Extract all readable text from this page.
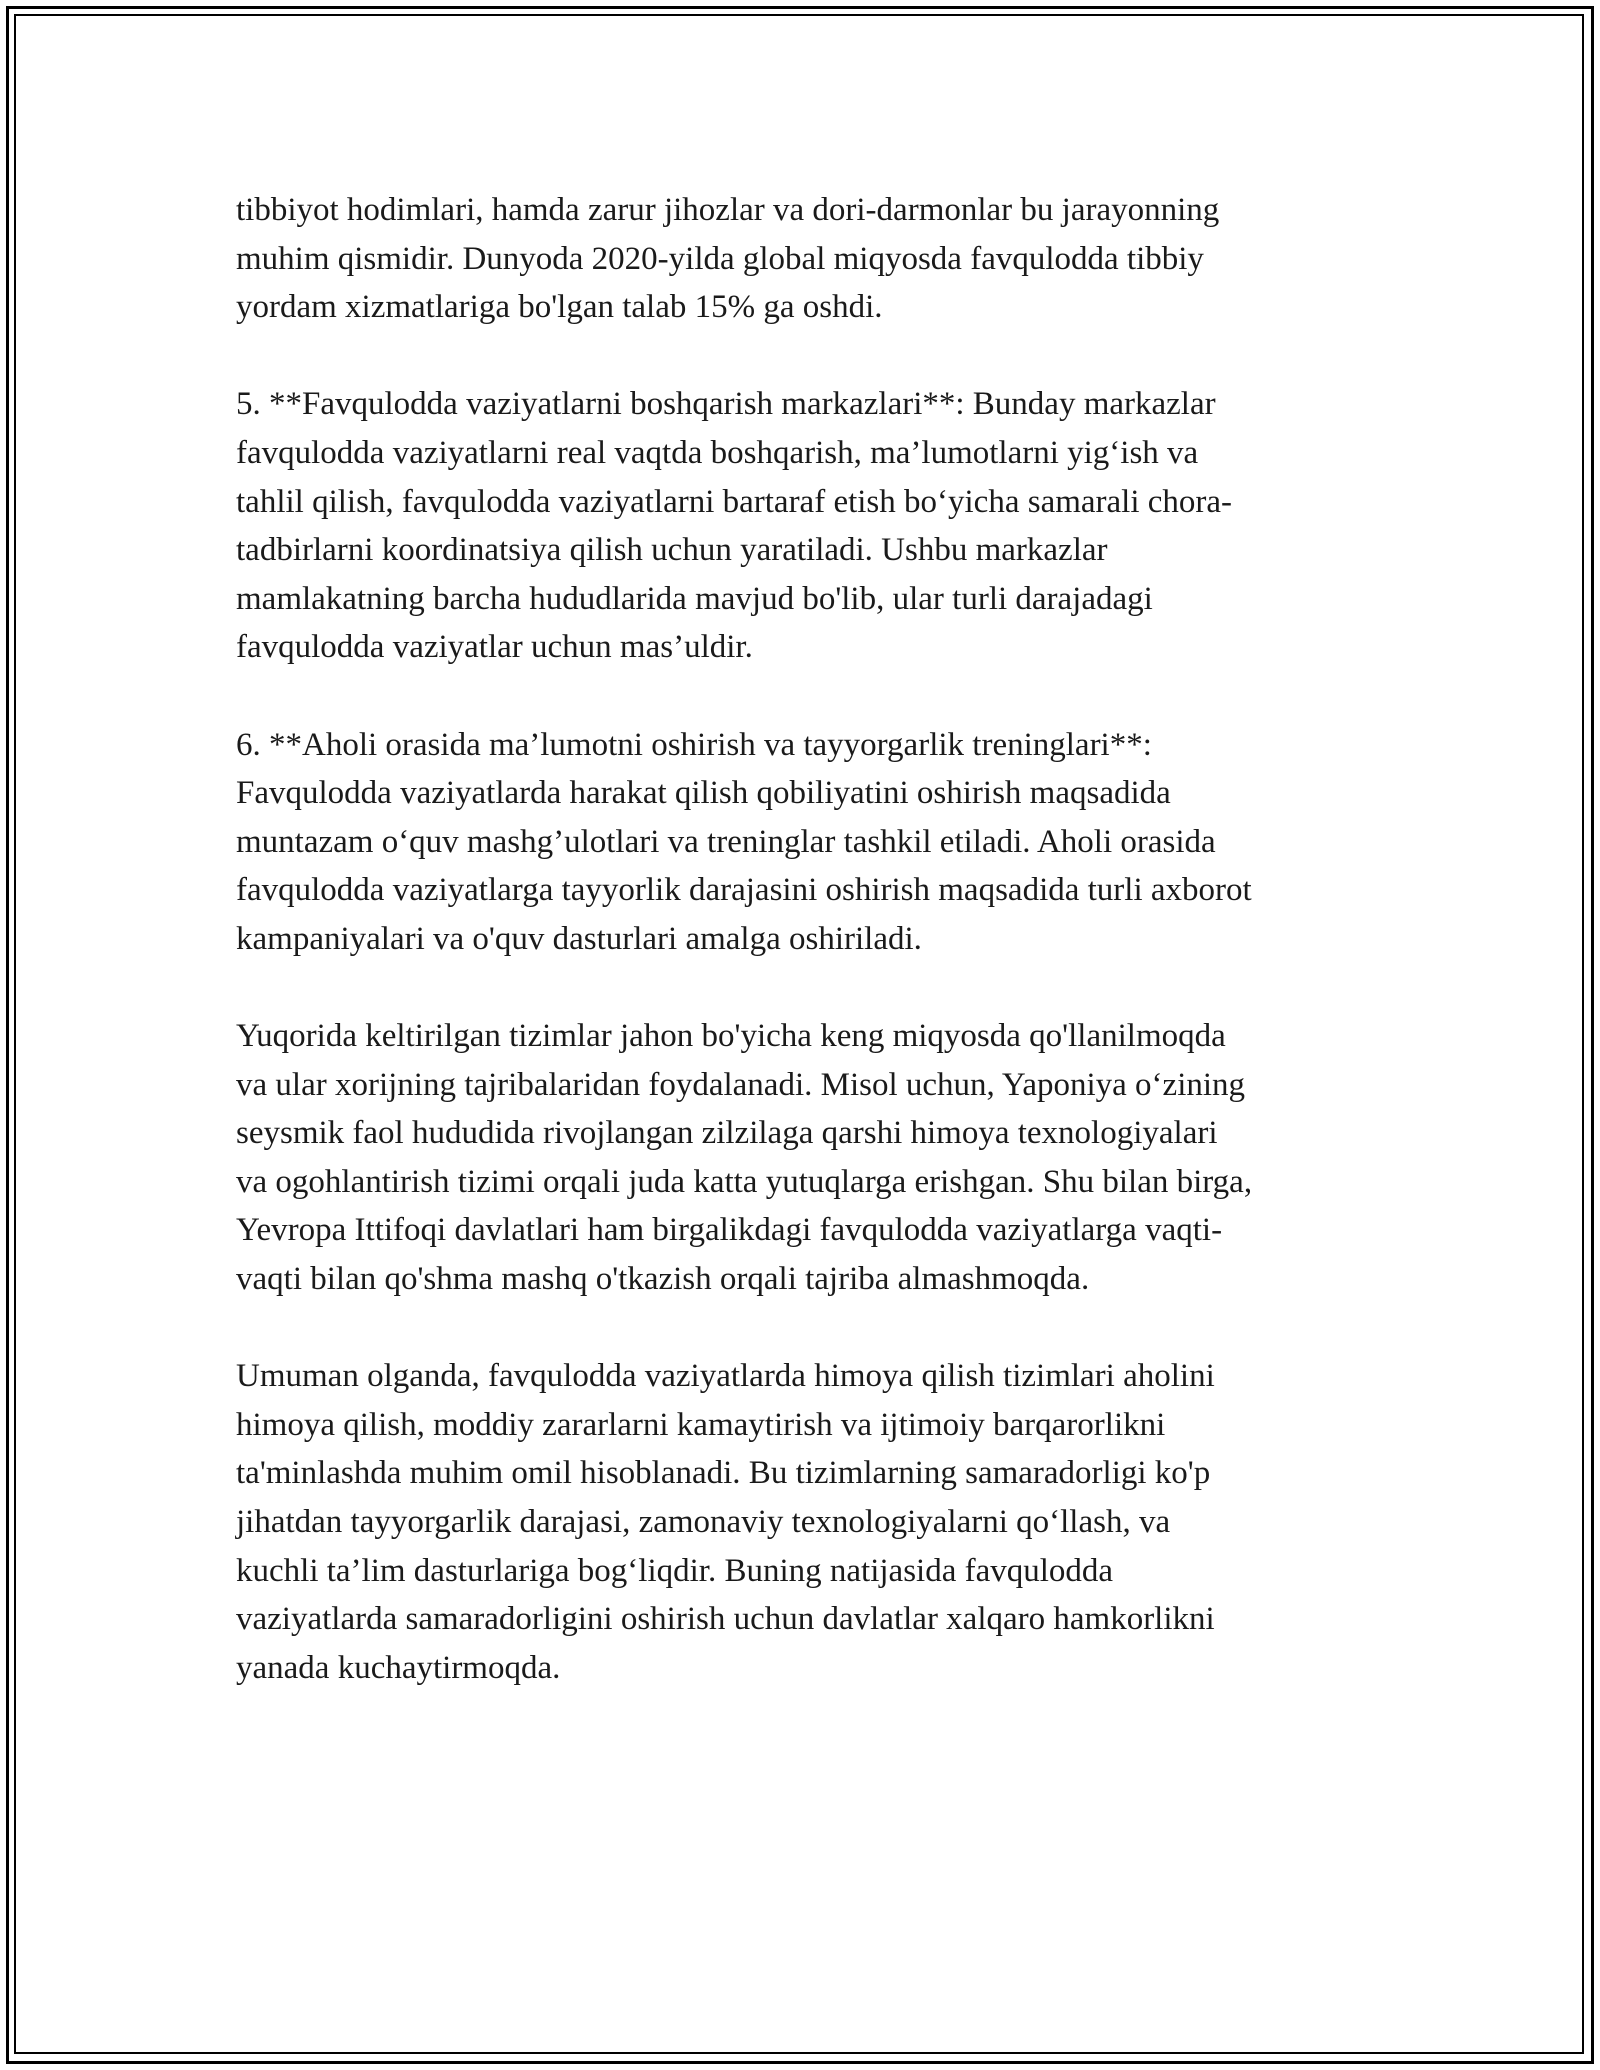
tibbiyot hodimlari, hamda zarur jihozlar va dori-darmonlar bu jarayonning
muhim qismidir. Dunyoda 2020-yilda global miqyosda favqulodda tibbiy
yordam xizmatlariga bo'lgan talab 15% ga oshdi.
5. **Favqulodda vaziyatlarni boshqarish markazlari**: Bunday markazlar
favqulodda vaziyatlarni real vaqtda boshqarish, ma’lumotlarni yig‘ish va
tahlil qilish, favqulodda vaziyatlarni bartaraf etish bo‘yicha samarali chora-
tadbirlarni koordinatsiya qilish uchun yaratiladi. Ushbu markazlar
mamlakatning barcha hududlarida mavjud bo'lib, ular turli darajadagi
favqulodda vaziyatlar uchun mas’uldir.
6. **Aholi orasida ma’lumotni oshirish va tayyorgarlik treninglari**:
Favqulodda vaziyatlarda harakat qilish qobiliyatini oshirish maqsadida
muntazam o‘quv mashg’ulotlari va treninglar tashkil etiladi. Aholi orasida
favqulodda vaziyatlarga tayyorlik darajasini oshirish maqsadida turli axborot
kampaniyalari va o'quv dasturlari amalga oshiriladi.
Yuqorida keltirilgan tizimlar jahon bo'yicha keng miqyosda qo'llanilmoqda
va ular xorijning tajribalaridan foydalanadi. Misol uchun, Yaponiya o‘zining
seysmik faol hududida rivojlangan zilzilaga qarshi himoya texnologiyalari
va ogohlantirish tizimi orqali juda katta yutuqlarga erishgan. Shu bilan birga,
Yevropa Ittifoqi davlatlari ham birgalikdagi favqulodda vaziyatlarga vaqti-
vaqti bilan qo'shma mashq o'tkazish orqali tajriba almashmoqda.
Umuman olganda, favqulodda vaziyatlarda himoya qilish tizimlari aholini
himoya qilish, moddiy zararlarni kamaytirish va ijtimoiy barqarorlikni
ta'minlashda muhim omil hisoblanadi. Bu tizimlarning samaradorligi ko'p
jihatdan tayyorgarlik darajasi, zamonaviy texnologiyalarni qo‘llash, va
kuchli ta’lim dasturlariga bog‘liqdir. Buning natijasida favqulodda
vaziyatlarda samaradorligini oshirish uchun davlatlar xalqaro hamkorlikni
yanada kuchaytirmoqda.
